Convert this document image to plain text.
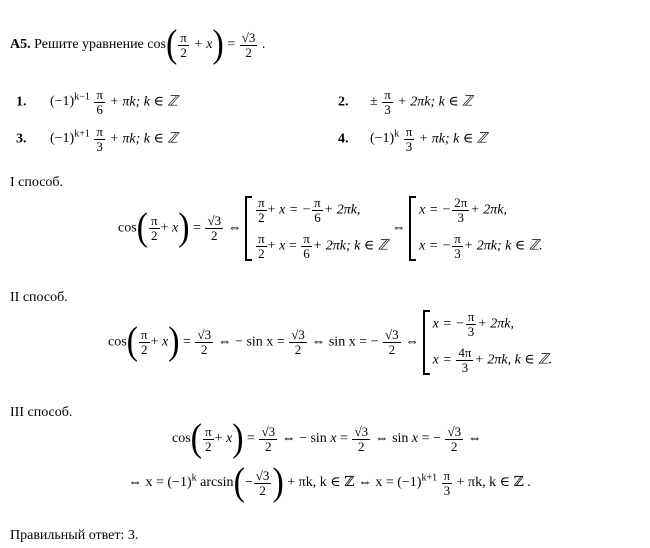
A5. Решите уравнение $\cos( \frac{\pi}{2} + x) = \frac{√3}{2}$ .
1. $(-1)^{k-1} \frac{\pi}{6} + \pi k$; k ∈ ℤ	2. ± $\frac{\pi}{3} + 2\pi k$; k ∈ ℤ
3. $(-1)^{k+1} \frac{\pi}{3} + \pi k$; k ∈ ℤ	4. $(-1)^k \frac{\pi}{3} + \pi k$; k ∈ ℤ
I способ.
$\cos( \frac{\pi}{2} + x) = \frac{√3}{2}$ ⇔
$\frac{\pi}{2} + x$ = − $\frac{\pi}{6} + 2\pi k$,
$\frac{\pi}{2} + x = \frac{\pi}{6} + 2\pi k$; k ∈ ℤ
⇔
x = − $\frac{2\pi}{3} + 2\pi k$,
x = − $\frac{\pi}{3} + 2\pi k$; k ∈ ℤ.
II способ.
$\cos( \frac{\pi}{2} + x) = \frac{√3}{2}$ ⇔ − $\sin x = \frac{√3}{2}$ ⇔ sin x = − $\frac{√3}{2}$ ⇔
x = − $\frac{\pi}{3} + 2\pi k$,
$x = \frac{4\pi}{3} + 2\pi k$, k ∈ ℤ.
III способ.
$\cos( \frac{\pi}{2} + x) = \frac{√3}{2}$ ⇔ − $\sin x = \frac{√3}{2}$ ⇔ sin x = − $\frac{√3}{2}$ ⇔
⇔ $x = (-1)^k$ $\arcsin(- \frac{√3}{2}$ ) + πk, k ∈ ℤ ⇔ $x = (-1)^{k+1} \frac{\pi}{3} + \pi k$, k ∈ ℤ .
Правильный ответ: 3.
